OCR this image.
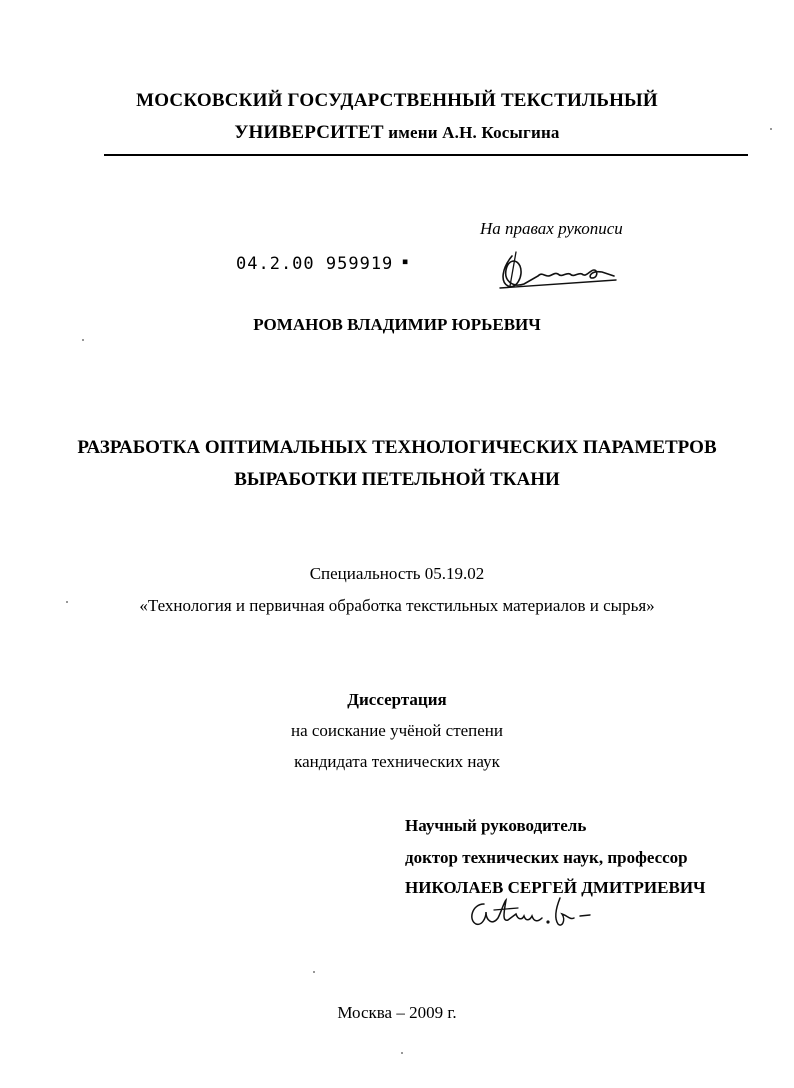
МОСКОВСКИЙ ГОСУДАРСТВЕННЫЙ ТЕКСТИЛЬНЫЙ
УНИВЕРСИТЕТ имени А.Н. Косыгина
На правах рукописи
04.2.00 959919 ▪
РОМАНОВ ВЛАДИМИР ЮРЬЕВИЧ
РАЗРАБОТКА ОПТИМАЛЬНЫХ ТЕХНОЛОГИЧЕСКИХ ПАРАМЕТРОВ
ВЫРАБОТКИ ПЕТЕЛЬНОЙ ТКАНИ
Специальность 05.19.02
«Технология и первичная обработка текстильных материалов и сырья»
Диссертация
на соискание учёной степени
кандидата технических наук
Научный руководитель
доктор технических наук, профессор
НИКОЛАЕВ СЕРГЕЙ ДМИТРИЕВИЧ
Москва – 2009 г.
